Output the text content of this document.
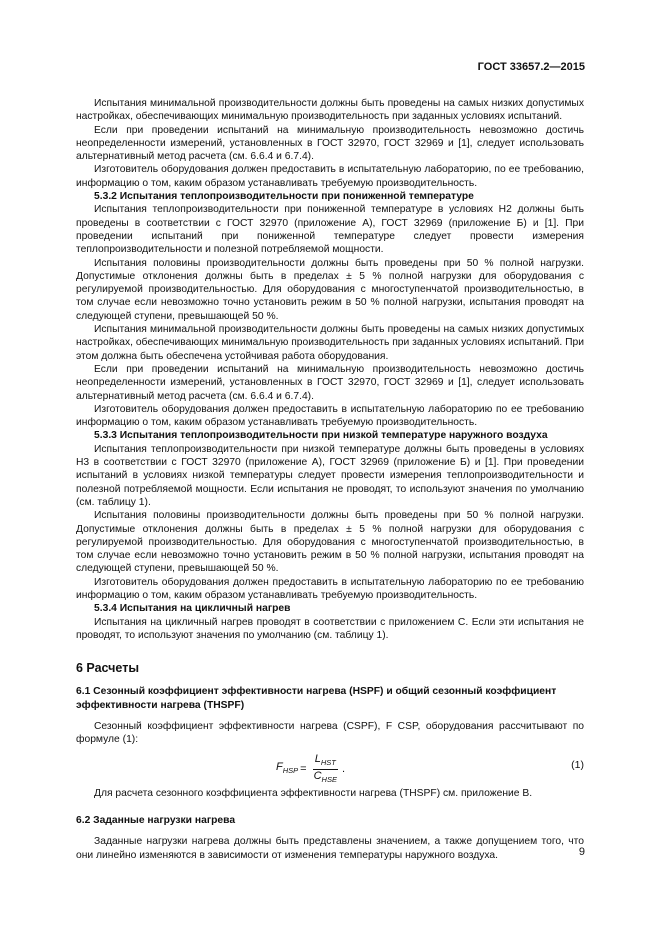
ГОСТ 33657.2—2015

Испытания минимальной производительности должны быть проведены на самых низких допустимых настройках, обеспечивающих минимальную производительность при заданных условиях испытаний.

Если при проведении испытаний на минимальную производительность невозможно достичь неопределенности измерений, установленных в ГОСТ 32970, ГОСТ 32969 и [1], следует использовать альтернативный метод расчета (см. 6.6.4 и 6.7.4).

Изготовитель оборудования должен предоставить в испытательную лабораторию, по ее требованию, информацию о том, каким образом устанавливать требуемую производительность.

5.3.2 Испытания теплопроизводительности при пониженной температуре

Испытания теплопроизводительности при пониженной температуре в условиях Н2 должны быть проведены в соответствии с ГОСТ 32970 (приложение А), ГОСТ 32969 (приложение Б) и [1]. При проведении испытаний при пониженной температуре следует провести измерения теплопроизводительности и полезной потребляемой мощности.

Испытания половины производительности должны быть проведены при 50 % полной нагрузки. Допустимые отклонения должны быть в пределах ± 5 % полной нагрузки для оборудования с регулируемой производительностью. Для оборудования с многоступенчатой производительностью, в том случае если невозможно точно установить режим в 50 % полной нагрузки, испытания проводят на следующей ступени, превышающей 50 %.

Испытания минимальной производительности должны быть проведены на самых низких допустимых настройках, обеспечивающих минимальную производительность при заданных условиях испытаний. При этом должна быть обеспечена устойчивая работа оборудования.

Если при проведении испытаний на минимальную производительность невозможно достичь неопределенности измерений, установленных в ГОСТ 32970, ГОСТ 32969 и [1], следует использовать альтернативный метод расчета (см. 6.6.4 и 6.7.4).

Изготовитель оборудования должен предоставить в испытательную лабораторию по ее требованию информацию о том, каким образом устанавливать требуемую производительность.

5.3.3 Испытания теплопроизводительности при низкой температуре наружного воздуха

Испытания теплопроизводительности при низкой температуре должны быть проведены в условиях Н3 в соответствии с ГОСТ 32970 (приложение А), ГОСТ 32969 (приложение Б) и [1]. При проведении испытаний в условиях низкой температуры следует провести измерения теплопроизводительности и полезной потребляемой мощности. Если испытания не проводят, то используют значения по умолчанию (см. таблицу 1).

Испытания половины производительности должны быть проведены при 50 % полной нагрузки. Допустимые отклонения должны быть в пределах ± 5 % полной нагрузки для оборудования с регулируемой производительностью. Для оборудования с многоступенчатой производительностью, в том случае если невозможно точно установить режим в 50 % полной нагрузки, испытания проводят на следующей ступени, превышающей 50 %.

Изготовитель оборудования должен предоставить в испытательную лабораторию по ее требованию информацию о том, каким образом устанавливать требуемую производительность.

5.3.4 Испытания на цикличный нагрев

Испытания на цикличный нагрев проводят в соответствии с приложением С. Если эти испытания не проводят, то используют значения по умолчанию (см. таблицу 1).

6 Расчеты

6.1 Сезонный коэффициент эффективности нагрева (HSPF) и общий сезонный коэффициент эффективности нагрева (THSPF)

Сезонный коэффициент эффективности нагрева (CSPF), F CSP, оборудования рассчитывают по формуле (1):

$F_{HSP} = \frac{L_{HST}}{C_{HSE}}$ .	(1)

Для расчета сезонного коэффициента эффективности нагрева (THSPF) см. приложение В.

6.2 Заданные нагрузки нагрева

Заданные нагрузки нагрева должны быть представлены значением, а также допущением того, что они линейно изменяются в зависимости от изменения температуры наружного воздуха.	9
